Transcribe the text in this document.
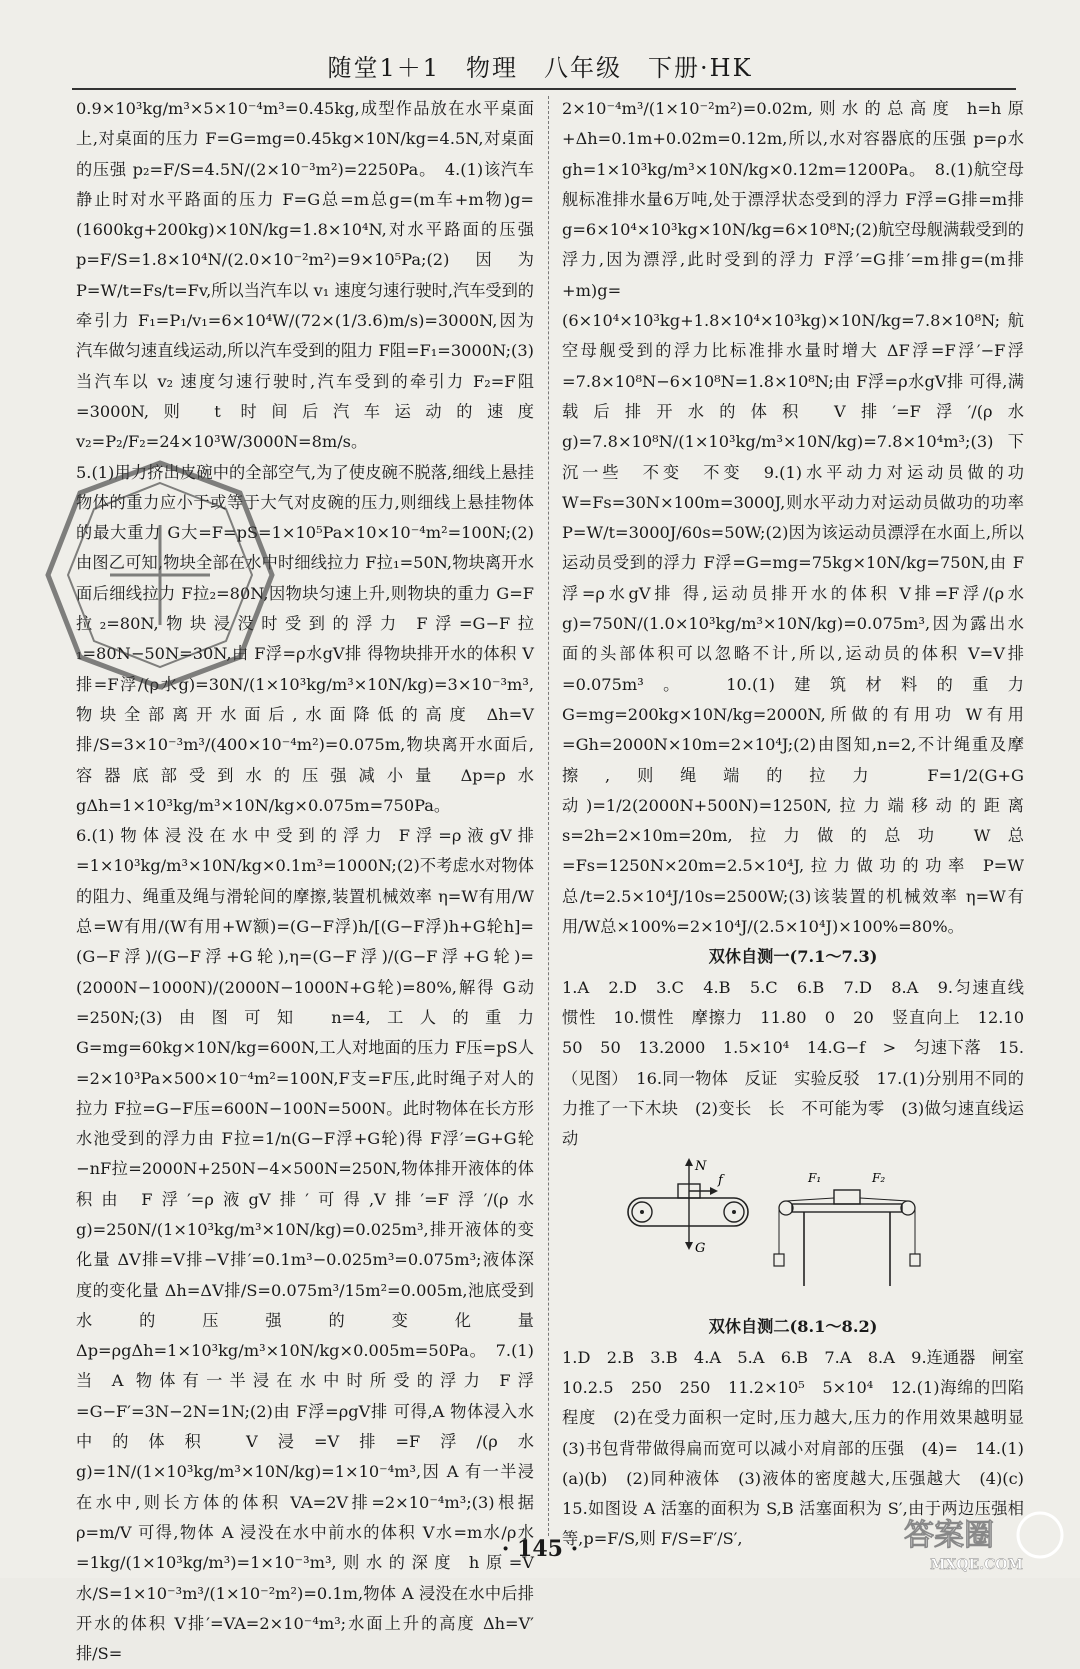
随堂1＋1　物理　八年级　下册·HK

0.9×10³kg/m³×5×10⁻⁴m³=0.45kg,成型作品放在水平桌面上,对桌面的压力 F=G=mg=0.45kg×10N/kg=4.5N,对桌面的压强 p₂=F/S=4.5N/(2×10⁻³m²)=2250Pa。　4.(1)该汽车静止时对水平路面的压力 F=G总=m总g=(m车+m物)g=(1600kg+200kg)×10N/kg=1.8×10⁴N,对水平路面的压强 p=F/S=1.8×10⁴N/(2.0×10⁻²m²)=9×10⁵Pa;(2)因为 P=W/t=Fs/t=Fv,所以当汽车以 v₁ 速度匀速行驶时,汽车受到的牵引力 F₁=P₁/v₁=6×10⁴W/(72×(1/3.6)m/s)=3000N,因为汽车做匀速直线运动,所以汽车受到的阻力 F阻=F₁=3000N;(3)当汽车以 v₂ 速度匀速行驶时,汽车受到的牵引力 F₂=F阻=3000N,则 t 时间后汽车运动的速度 v₂=P₂/F₂=24×10³W/3000N=8m/s。

5.(1)用力挤出皮碗中的全部空气,为了使皮碗不脱落,细线上悬挂物体的重力应小于或等于大气对皮碗的压力,则细线上悬挂物体的最大重力 G大=F=pS=1×10⁵Pa×10×10⁻⁴m²=100N;(2)由图乙可知,物块全部在水中时细线拉力 F拉₁=50N,物块离开水面后细线拉力 F拉₂=80N,因物块匀速上升,则物块的重力 G=F拉₂=80N,物块浸没时受到的浮力 F浮=G−F拉₁=80N−50N=30N,由 F浮=ρ水gV排 得物块排开水的体积 V排=F浮/(ρ水g)=30N/(1×10³kg/m³×10N/kg)=3×10⁻³m³,物块全部离开水面后,水面降低的高度 Δh=V排/S=3×10⁻³m³/(400×10⁻⁴m²)=0.075m,物块离开水面后,容器底部受到水的压强减小量 Δp=ρ水gΔh=1×10³kg/m³×10N/kg×0.075m=750Pa。

6.(1)物体浸没在水中受到的浮力 F浮=ρ液gV排=1×10³kg/m³×10N/kg×0.1m³=1000N;(2)不考虑水对物体的阻力、绳重及绳与滑轮间的摩擦,装置机械效率 η=W有用/W总=W有用/(W有用+W额)=(G−F浮)h/[(G−F浮)h+G轮h]=(G−F浮)/(G−F浮+G轮),η=(G−F浮)/(G−F浮+G轮)=(2000N−1000N)/(2000N−1000N+G轮)=80%,解得 G动=250N;(3)由图可知 n=4,工人的重力 G=mg=60kg×10N/kg=600N,工人对地面的压力 F压=pS人=2×10³Pa×500×10⁻⁴m²=100N,F支=F压,此时绳子对人的拉力 F拉=G−F压=600N−100N=500N。此时物体在长方形水池受到的浮力由 F拉=1/n(G−F浮+G轮)得 F浮′=G+G轮−nF拉=2000N+250N−4×500N=250N,物体排开液体的体积由 F浮′=ρ液gV排′可得,V排′=F浮′/(ρ水g)=250N/(1×10³kg/m³×10N/kg)=0.025m³,排开液体的变化量 ΔV排=V排−V排′=0.1m³−0.025m³=0.075m³;液体深度的变化量 Δh=ΔV排/S=0.075m³/15m²=0.005m,池底受到水的压强的变化量 Δp=ρgΔh=1×10³kg/m³×10N/kg×0.005m=50Pa。　7.(1)当 A 物体有一半浸在水中时所受的浮力 F浮=G−F′=3N−2N=1N;(2)由 F浮=ρgV排 可得,A 物体浸入水中的体积 V浸=V排=F浮/(ρ水g)=1N/(1×10³kg/m³×10N/kg)=1×10⁻⁴m³,因 A 有一半浸在水中,则长方体的体积 VA=2V排=2×10⁻⁴m³;(3)根据 ρ=m/V 可得,物体 A 浸没在水中前水的体积 V水=m水/ρ水=1kg/(1×10³kg/m³)=1×10⁻³m³,则水的深度 h原=V水/S=1×10⁻³m³/(1×10⁻²m²)=0.1m,物体 A 浸没在水中后排开水的体积 V排′=VA=2×10⁻⁴m³;水面上升的高度 Δh=V′排/S=

2×10⁻⁴m³/(1×10⁻²m²)=0.02m,则水的总高度 h=h原+Δh=0.1m+0.02m=0.12m,所以,水对容器底的压强 p=ρ水gh=1×10³kg/m³×10N/kg×0.12m=1200Pa。　8.(1)航空母舰标准排水量6万吨,处于漂浮状态受到的浮力 F浮=G排=m排g=6×10⁴×10³kg×10N/kg=6×10⁸N;(2)航空母舰满载受到的浮力,因为漂浮,此时受到的浮力 F浮′=G排′=m排g=(m排+m)g=(6×10⁴×10³kg+1.8×10⁴×10³kg)×10N/kg=7.8×10⁸N;航空母舰受到的浮力比标准排水量时增大 ΔF浮=F浮′−F浮=7.8×10⁸N−6×10⁸N=1.8×10⁸N;由 F浮=ρ水gV排 可得,满载后排开水的体积 V排′=F浮′/(ρ水g)=7.8×10⁸N/(1×10³kg/m³×10N/kg)=7.8×10⁴m³;(3)下沉一些　不变　不变　9.(1)水平动力对运动员做的功 W=Fs=30N×100m=3000J,则水平动力对运动员做功的功率 P=W/t=3000J/60s=50W;(2)因为该运动员漂浮在水面上,所以运动员受到的浮力 F浮=G=mg=75kg×10N/kg=750N,由 F浮=ρ水gV排 得,运动员排开水的体积 V排=F浮/(ρ水g)=750N/(1.0×10³kg/m³×10N/kg)=0.075m³,因为露出水面的头部体积可以忽略不计,所以,运动员的体积 V=V排=0.075m³。　10.(1)建筑材料的重力 G=mg=200kg×10N/kg=2000N,所做的有用功 W有用=Gh=2000N×10m=2×10⁴J;(2)由图知,n=2,不计绳重及摩擦,则绳端的拉力 F=1/2(G+G动)=1/2(2000N+500N)=1250N,拉力端移动的距离 s=2h=2×10m=20m,拉力做的总功 W总=Fs=1250N×20m=2.5×10⁴J,拉力做功的功率 P=W总/t=2.5×10⁴J/10s=2500W;(3)该装置的机械效率 η=W有用/W总×100%=2×10⁴J/(2.5×10⁴J)×100%=80%。

双休自测一(7.1～7.3)

1.A　2.D　3.C　4.B　5.C　6.B　7.D　8.A　9.匀速直线　惯性　10.惯性　摩擦力　11.80　0　20　竖直向上　12.10　50　50　13.2000　1.5×10⁴　14.G−f　>　匀速下落　15.（见图）　16.同一物体　反证　实验反驳　17.(1)分别用不同的力推了一下木块　(2)变长　长　不可能为零　(3)做匀速直线运动

N
f
G
F₁	F₂

双休自测二(8.1～8.2)

1.D　2.B　3.B　4.A　5.A　6.B　7.A　8.A　9.连通器　闸室　10.2.5　250　250　11.2×10⁵　5×10⁴　12.(1)海绵的凹陷程度　(2)在受力面积一定时,压力越大,压力的作用效果越明显　(3)书包背带做得扁而宽可以减小对肩部的压强　(4)=　14.(1)(a)(b)　(2)同种液体　(3)液体的密度越大,压强越大　(4)(c)　15.如图设 A 活塞的面积为 S,B 活塞面积为 S′,由于两边压强相等,p=F/S,则 F/S=F′/S′,

· 145 ·	答案圈
MXQE.COM
